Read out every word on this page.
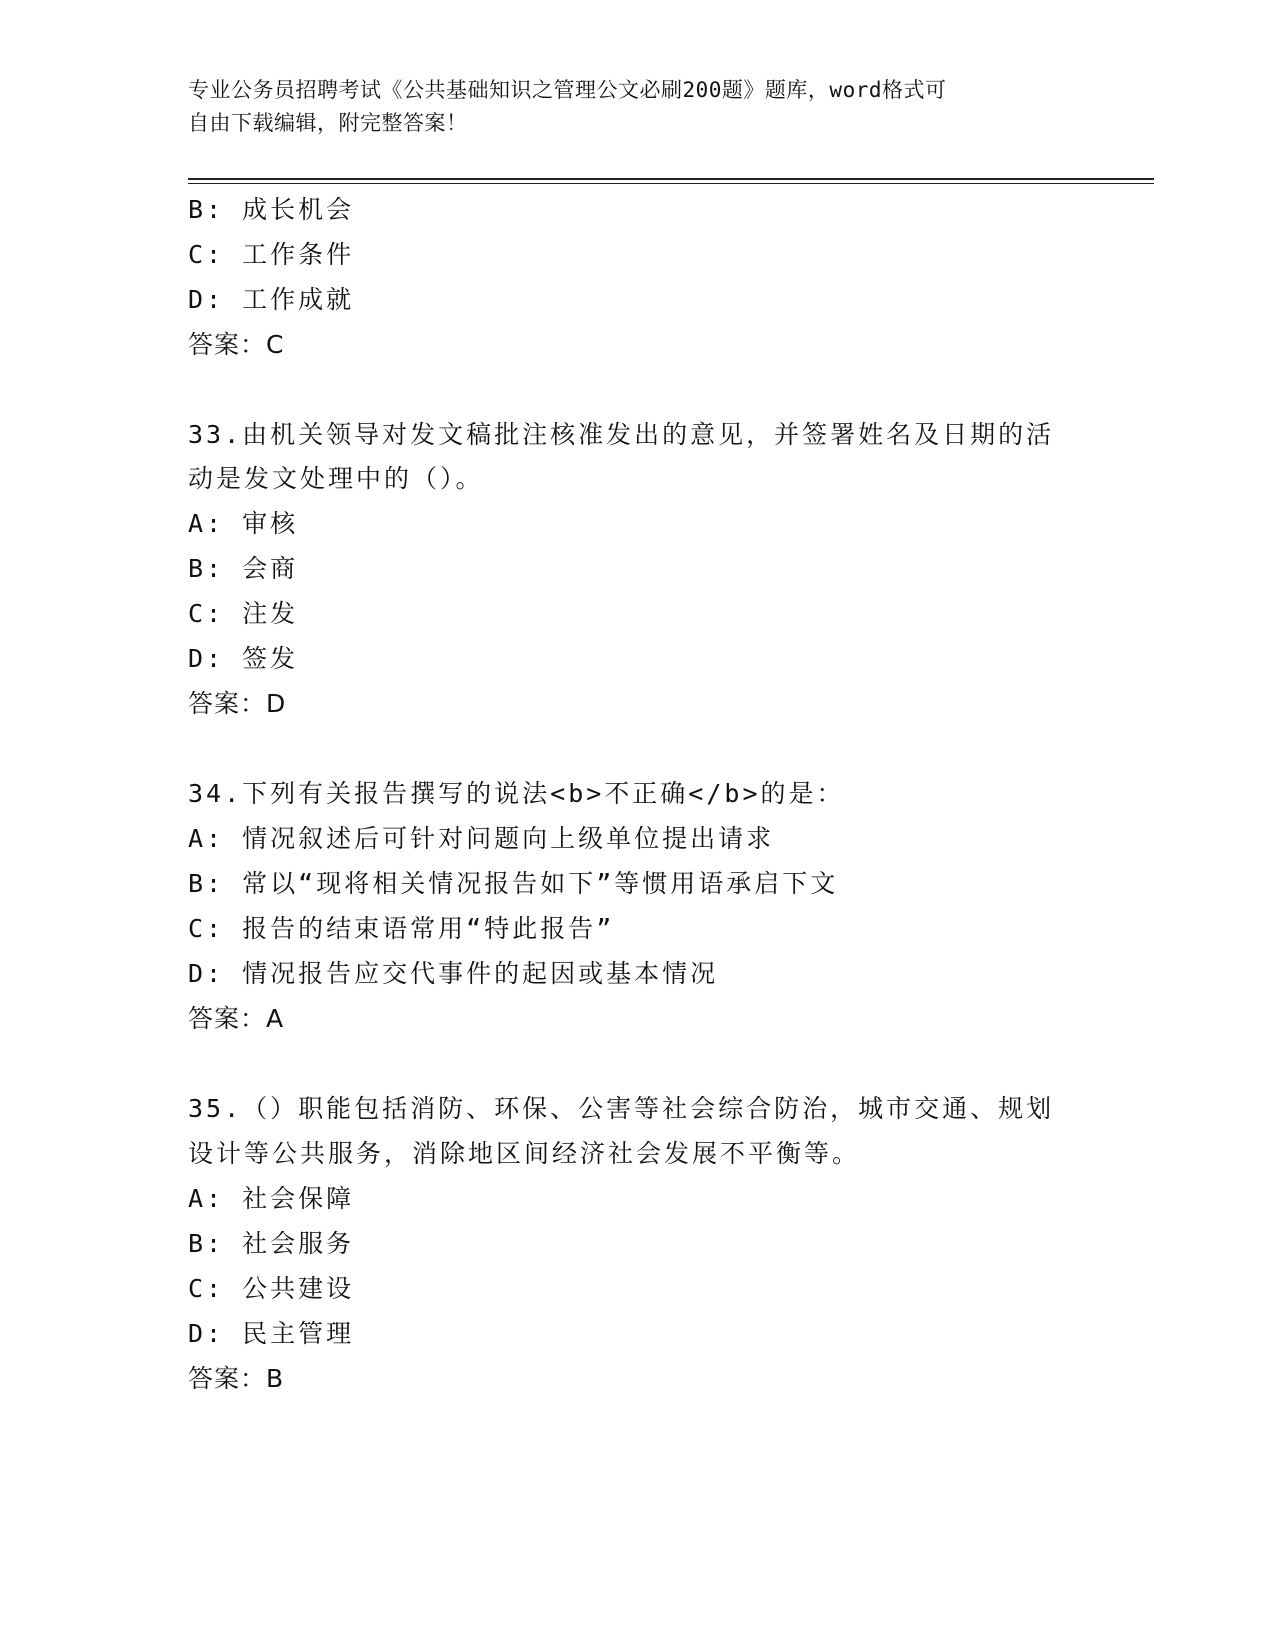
专业公务员招聘考试《公共基础知识之管理公文必刷200题》题库，word格式可
自由下载编辑，附完整答案！
B: 成长机会
C: 工作条件
D: 工作成就
答案：C
33.由机关领导对发文稿批注核准发出的意见，并签署姓名及日期的活
动是发文处理中的（）。
A: 审核
B: 会商
C: 注发
D: 签发
答案：D
34.下列有关报告撰写的说法<b>不正确</b>的是：
A: 情况叙述后可针对问题向上级单位提出请求
B: 常以“现将相关情况报告如下”等惯用语承启下文
C: 报告的结束语常用“特此报告”
D: 情况报告应交代事件的起因或基本情况
答案：A
35.（）职能包括消防、环保、公害等社会综合防治，城市交通、规划
设计等公共服务，消除地区间经济社会发展不平衡等。
A: 社会保障
B: 社会服务
C: 公共建设
D: 民主管理
答案：B
